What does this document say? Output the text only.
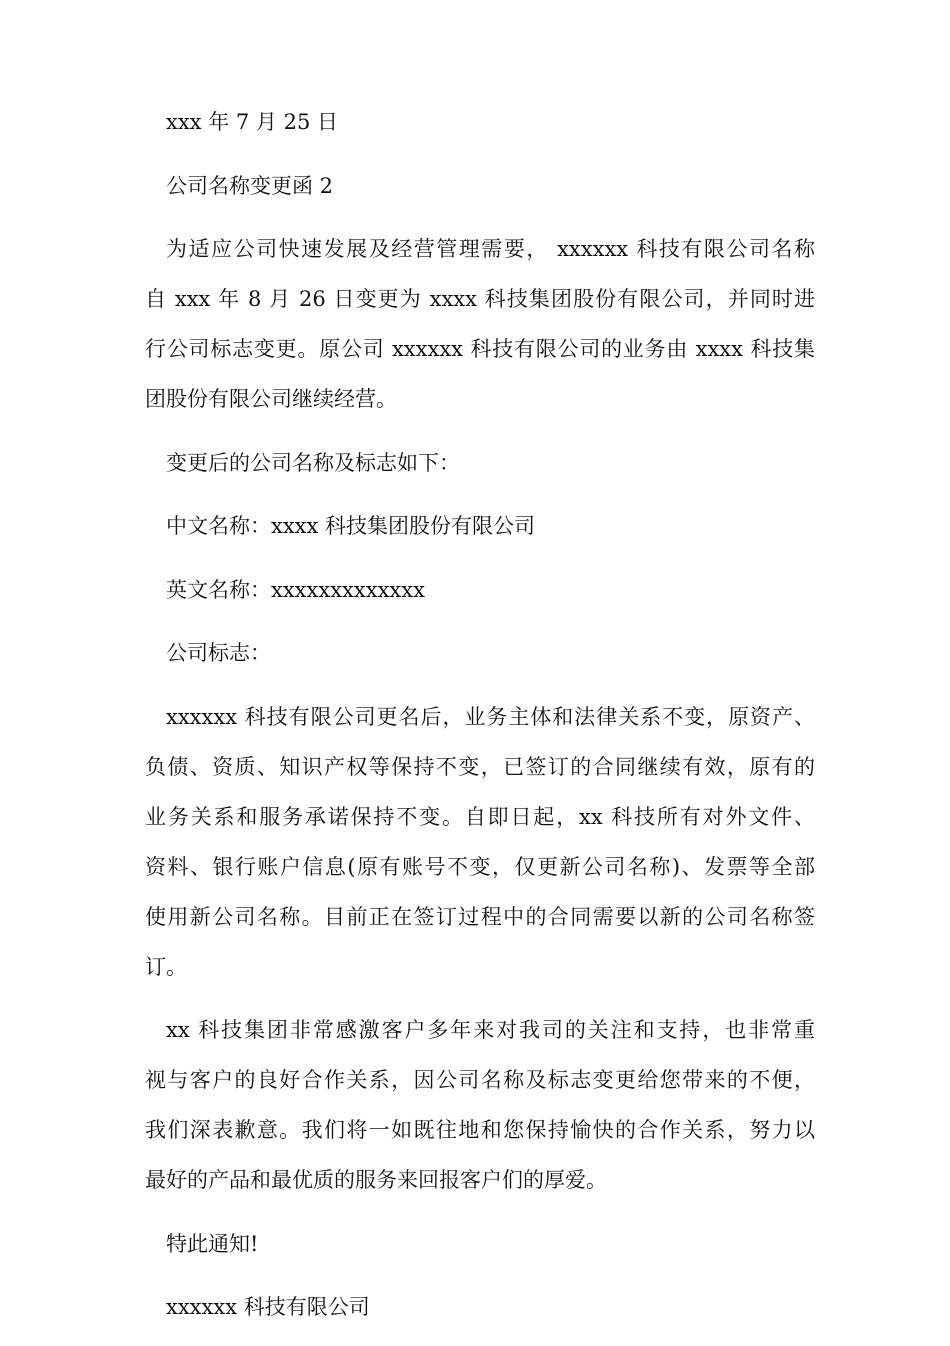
xxx 年 7 月 25 日

公司名称变更函 2

为适应公司快速发展及经营管理需要， xxxxxx 科技有限公司名称
自 xxx 年 8 月 26 日变更为 xxxx 科技集团股份有限公司，并同时进
行公司标志变更。原公司 xxxxxx 科技有限公司的业务由 xxxx 科技集
团股份有限公司继续经营。

变更后的公司名称及标志如下：

中文名称：xxxx 科技集团股份有限公司

英文名称：xxxxxxxxxxxxx

公司标志：

xxxxxx 科技有限公司更名后，业务主体和法律关系不变，原资产、
负债、资质、知识产权等保持不变，已签订的合同继续有效，原有的
业务关系和服务承诺保持不变。自即日起，xx 科技所有对外文件、
资料、银行账户信息(原有账号不变，仅更新公司名称)、发票等全部
使用新公司名称。目前正在签订过程中的合同需要以新的公司名称签
订。
xx 科技集团非常感激客户多年来对我司的关注和支持，也非常重
视与客户的良好合作关系，因公司名称及标志变更给您带来的不便，
我们深表歉意。我们将一如既往地和您保持愉快的合作关系，努力以
最好的产品和最优质的服务来回报客户们的厚爱。

特此通知!

xxxxxx 科技有限公司
